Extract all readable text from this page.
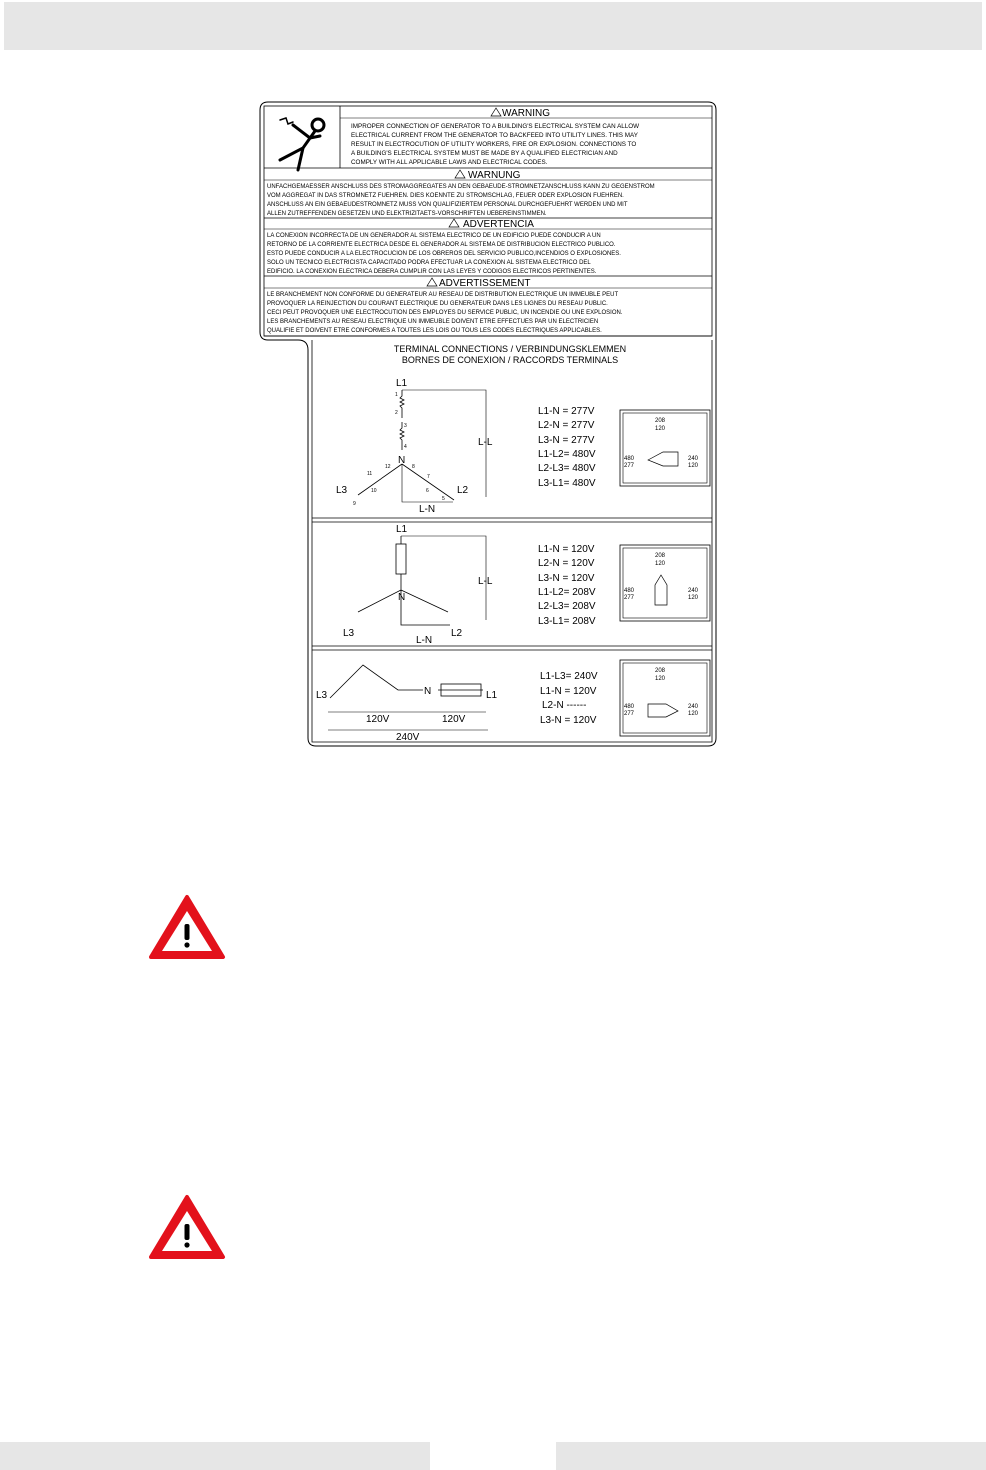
WARNING
IMPROPER CONNECTION OF GENERATOR TO A BUILDING'S ELECTRICAL SYSTEM CAN ALLOW
ELECTRICAL CURRENT FROM THE GENERATOR TO BACKFEED INTO UTILITY LINES. THIS MAY
RESULT IN ELECTROCUTION OF UTILITY WORKERS, FIRE OR EXPLOSION. CONNECTIONS TO
A BUILDING'S ELECTRICAL SYSTEM MUST BE MADE BY A QUALIFIED ELECTRICIAN AND
COMPLY WITH ALL APPLICABLE LAWS AND ELECTRICAL CODES.
WARNUNG
UNFACHGEMAESSER ANSCHLUSS DES STROMAGGREGATES AN DEN GEBAEUDE-STROMNETZANSCHLUSS KANN ZU GEGENSTROM
VOM AGGREGAT IN DAS STROMNETZ FUEHREN. DIES KOENNTE ZU STROMSCHLAG, FEUER ODER EXPLOSION FUEHREN.
ANSCHLUSS AN EIN GEBAEUDESTROMNETZ MUSS VON QUALIFIZIERTEM PERSONAL DURCHGEFUEHRT WERDEN UND MIT
ALLEN ZUTREFFENDEN GESETZEN UND ELEKTRIZITAETS-VORSCHRIFTEN UEBEREINSTIMMEN.
ADVERTENCIA
LA CONEXION INCORRECTA DE UN GENERADOR AL SISTEMA ELECTRICO DE UN EDIFICIO PUEDE CONDUCIR A UN
RETORNO DE LA CORRIENTE ELECTRICA DESDE EL GENERADOR AL SISTEMA DE DISTRIBUCION ELECTRICO PUBLICO.
ESTO PUEDE CONDUCIR A LA ELECTROCUCION DE LOS OBREROS DEL SERVICIO PUBLICO,INCENDIOS O EXPLOSIONES.
SOLO UN TECNICO ELECTRICISTA CAPACITADO PODRA EFECTUAR LA CONEXION AL SISTEMA ELECTRICO DEL
EDIFICIO. LA CONEXION ELECTRICA DEBERA CUMPLIR CON LAS LEYES Y CODIGOS ELECTRICOS PERTINENTES.
ADVERTISSEMENT
LE BRANCHEMENT NON CONFORME DU GENERATEUR AU RESEAU DE DISTRIBUTION ELECTRIQUE UN IMMEUBLE PEUT
PROVOQUER LA REINJECTION DU COURANT ELECTRIQUE DU GENERATEUR DANS LES LIGNES DU RESEAU PUBLIC.
CECI PEUT PROVOQUER UNE ELECTROCUTION DES EMPLOYES DU SERVICE PUBLIC, UN INCENDIE OU UNE EXPLOSION.
LES BRANCHEMENTS AU RESEAU ELECTRIQUE UN IMMEUBLE DOIVENT ETRE EFFECTUES PAR UN ELECTRICIEN
QUALIFIE ET DOIVENT ETRE CONFORMES A TOUTES LES LOIS OU TOUS LES CODES ELECTRIQUES APPLICABLES.
TERMINAL CONNECTIONS / VERBINDUNGSKLEMMEN
BORNES DE CONEXION / RACCORDS TERMINALS
L1
1
2
3
4
N
12
11
10
9
8
7
6
5
L3	L2
L-L
L-N
L1-N = 277V
L2-N = 277V
L3-N = 277V
L1-L2= 480V
L2-L3= 480V
L3-L1= 480V
L1
N
L3	L2
L-L
L-N
L1-N = 120V
L2-N = 120V
L3-N = 120V
L1-L2= 208V
L2-L3= 208V
L3-L1= 208V
L3	N	L1
120V	120V
240V
L1-L3= 240V
L1-N = 120V
L2-N ------
L3-N = 120V
208
120
480
277
240
120
208
120
480
277
240
120
208
120
480
277
240
120
